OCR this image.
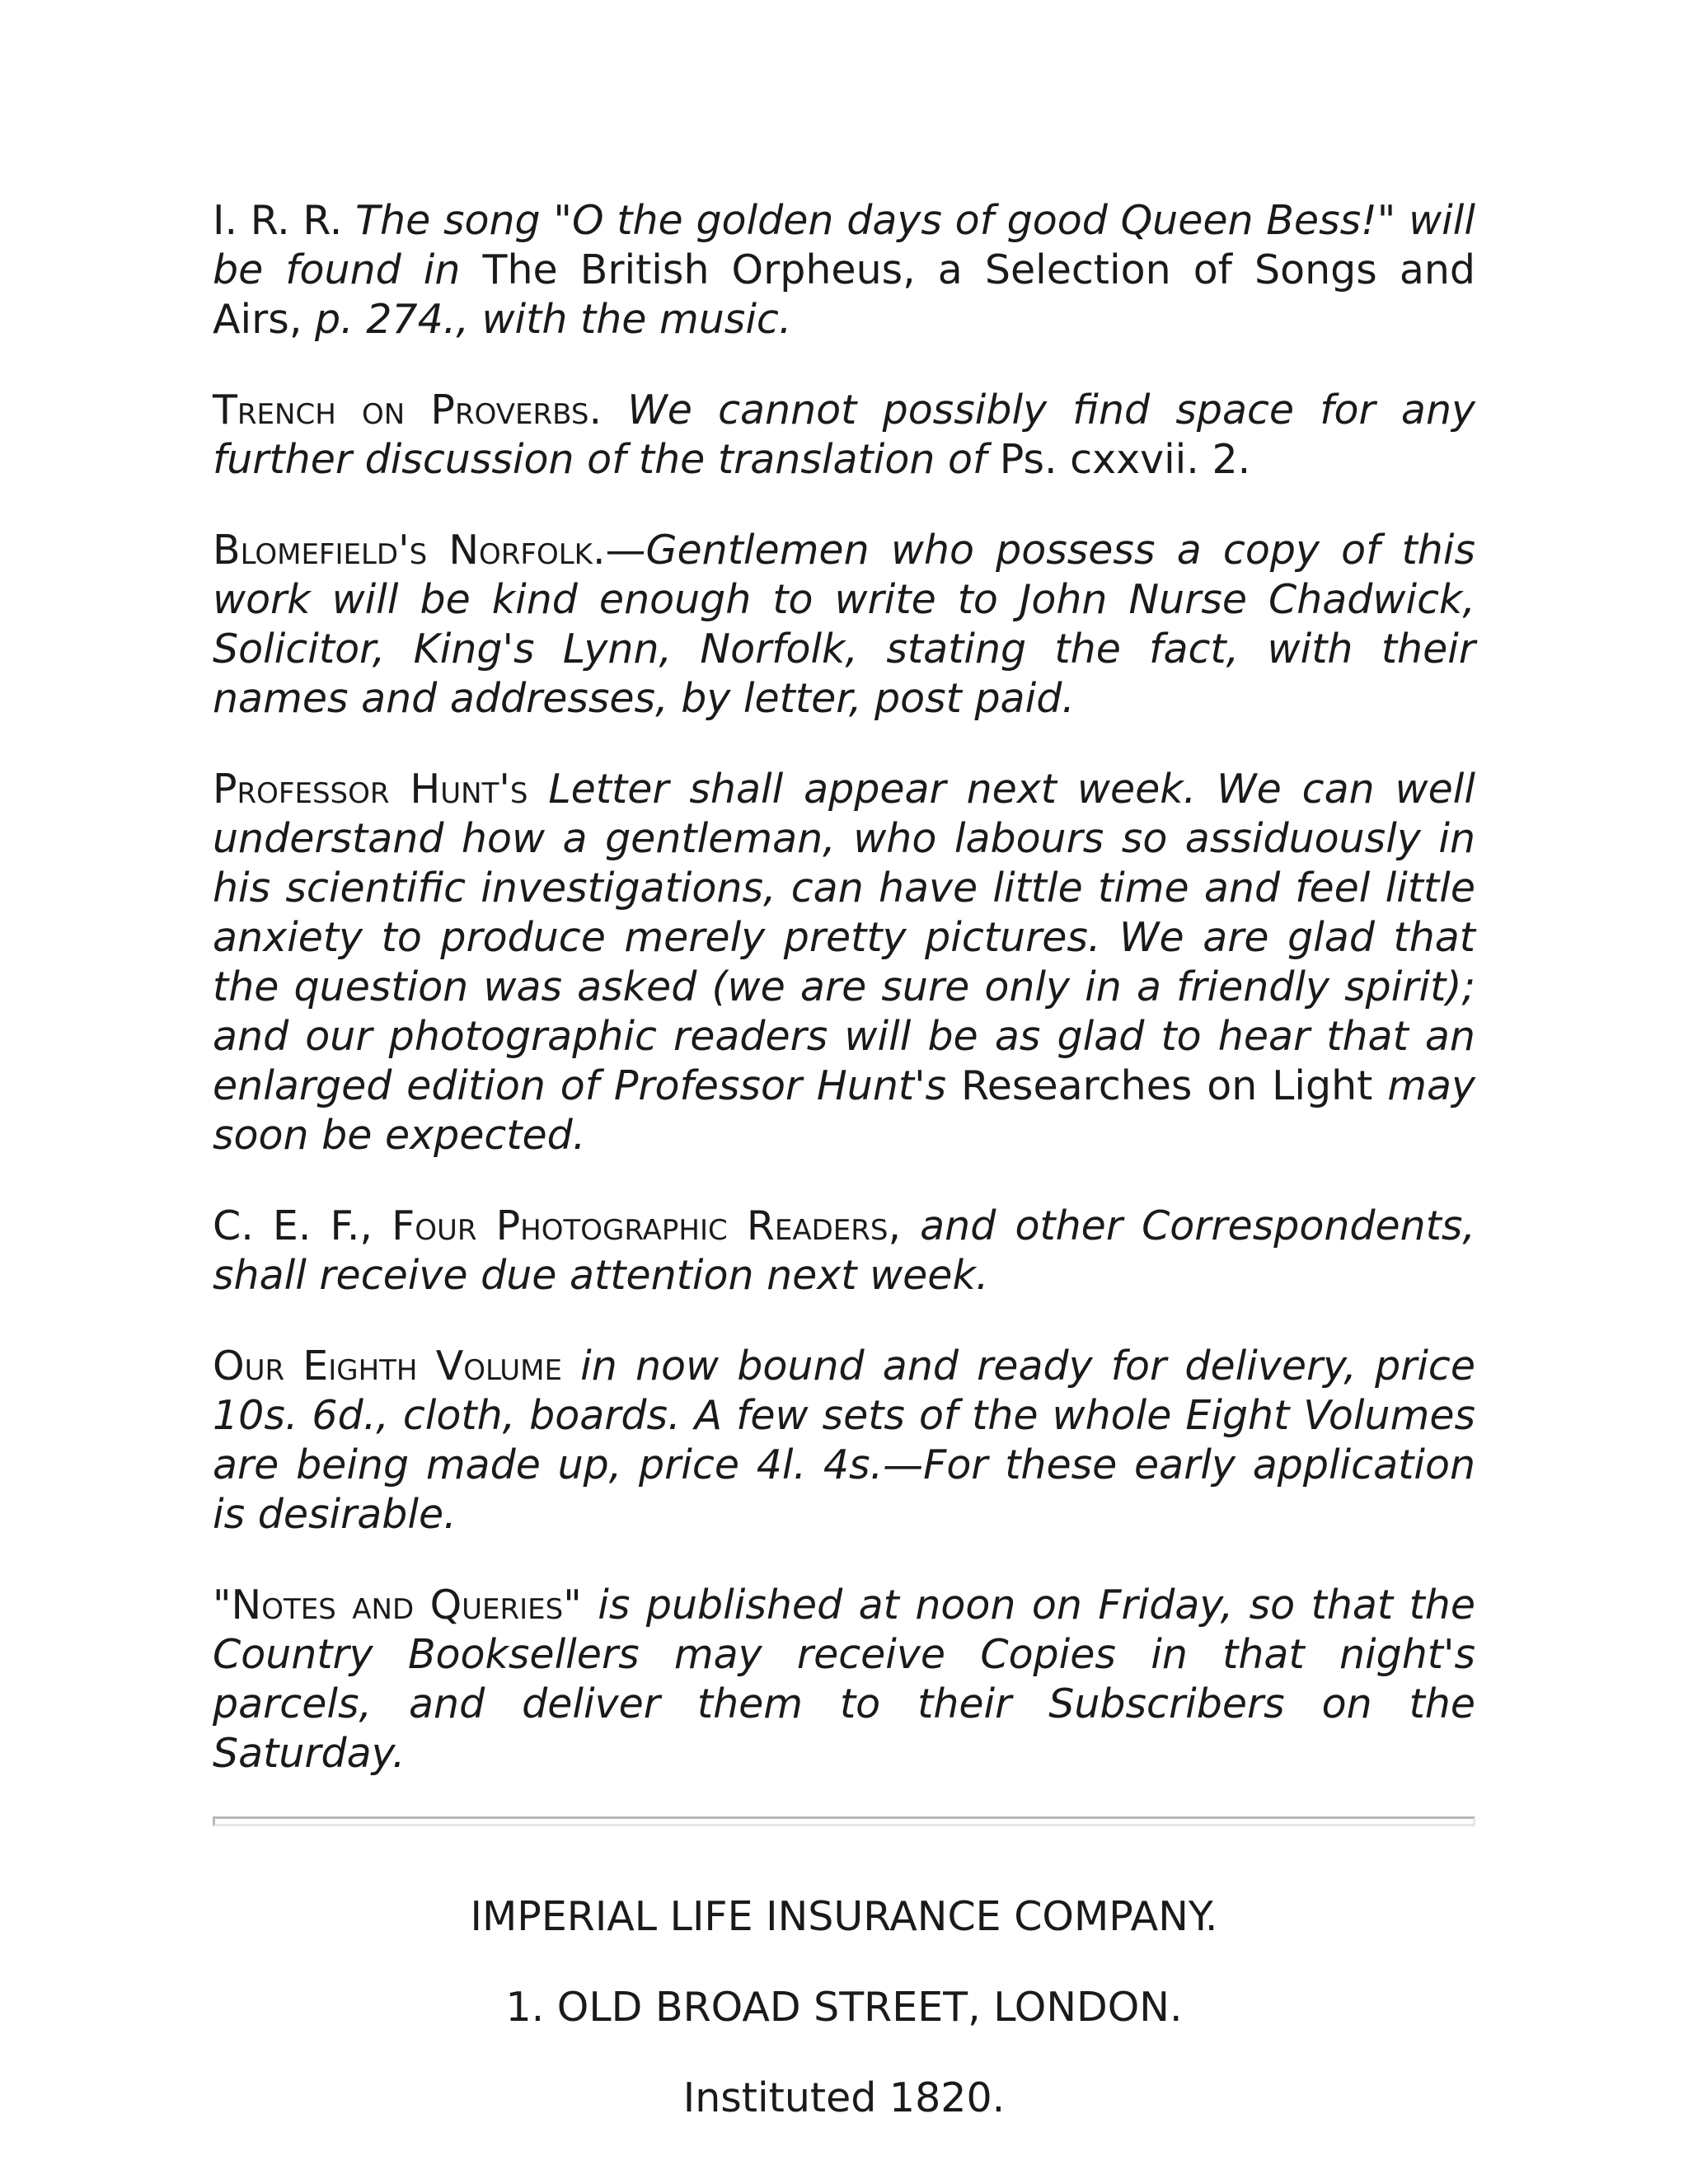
I. R. R. The song "O the golden days of good Queen Bess!" will be found in The British Orpheus, a Selection of Songs and Airs, p. 274., with the music.

Trench on Proverbs. We cannot possibly find space for any further discussion of the translation of Ps. cxxvii. 2.

Blomefield's Norfolk.—Gentlemen who possess a copy of this work will be kind enough to write to John Nurse Chadwick, Solicitor, King's Lynn, Norfolk, stating the fact, with their names and addresses, by letter, post paid.

Professor Hunt's Letter shall appear next week. We can well understand how a gentleman, who labours so assiduously in his scientific investigations, can have little time and feel little anxiety to produce merely pretty pictures. We are glad that the question was asked (we are sure only in a friendly spirit); and our photographic readers will be as glad to hear that an enlarged edition of Professor Hunt's Researches on Light may soon be expected.

C. E. F., Four Photographic Readers, and other Correspondents, shall receive due attention next week.

Our Eighth Volume in now bound and ready for delivery, price 10s. 6d., cloth, boards. A few sets of the whole Eight Volumes are being made up, price 4l. 4s.—For these early application is desirable.

"Notes and Queries" is published at noon on Friday, so that the Country Booksellers may receive Copies in that night's parcels, and deliver them to their Subscribers on the Saturday.

IMPERIAL LIFE INSURANCE COMPANY.

1. OLD BROAD STREET, LONDON.

Instituted 1820.
